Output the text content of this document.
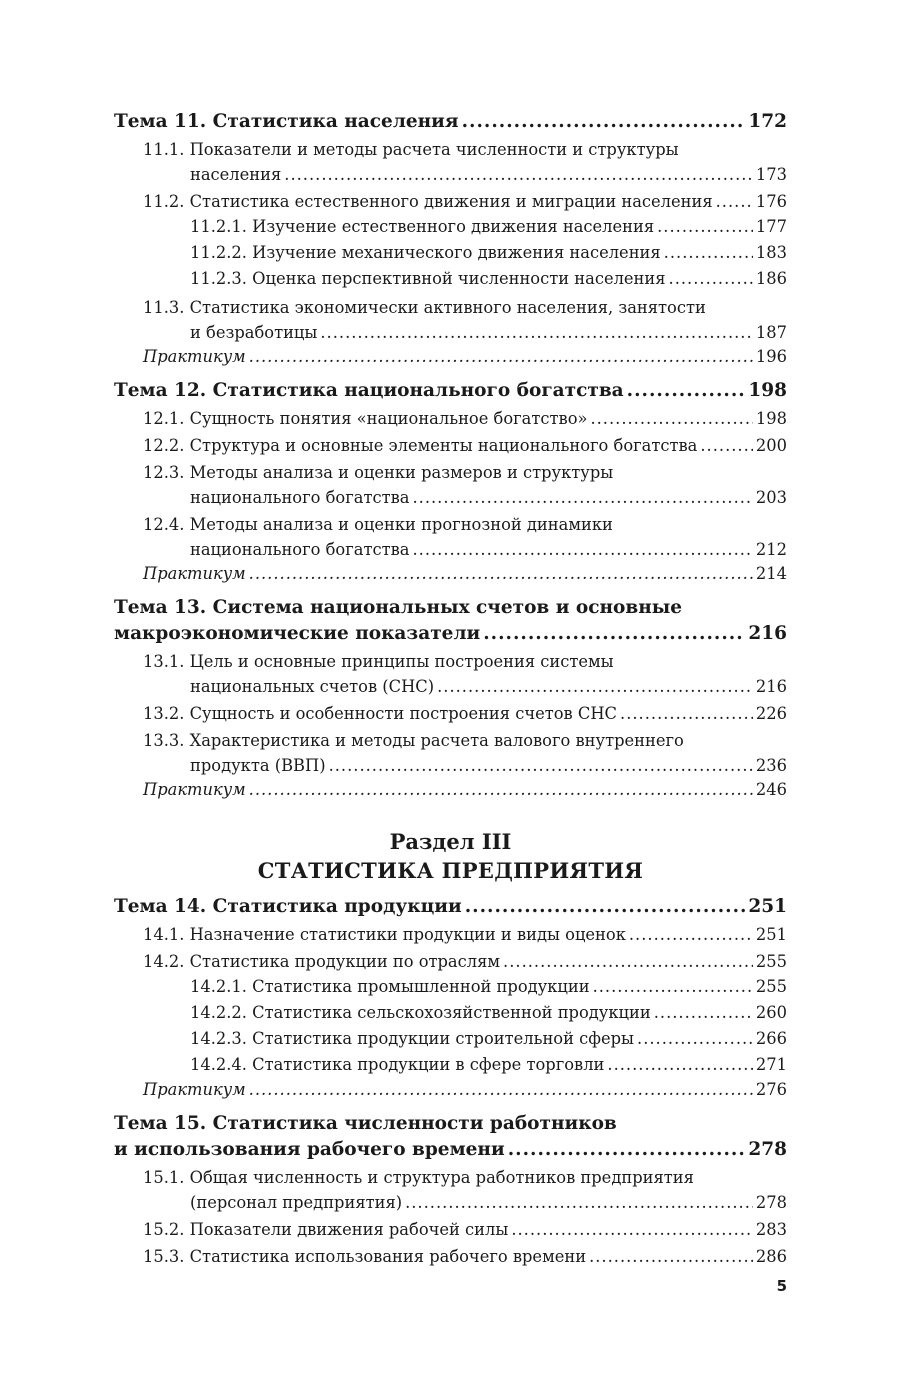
Тема 11. Статистика населения .....	172
11.1. Показатели и методы расчета численности и структуры
населения .....	173
11.2. Статистика естественного движения и миграции населения .....	176
11.2.1. Изучение естественного движения населения .....	177
11.2.2. Изучение механического движения населения .....	183
11.2.3. Оценка перспективной численности населения .....	186
11.3. Статистика экономически активного населения, занятости
и безработицы .....	187
Практикум .....	196
Тема 12. Статистика национального богатства .....	198
12.1. Сущность понятия «национальное богатство» .....	198
12.2. Структура и основные элементы национального богатства .....	200
12.3. Методы анализа и оценки размеров и структуры
национального богатства .....	203
12.4. Методы анализа и оценки прогнозной динамики
национального богатства .....	212
Практикум .....	214
Тема 13. Система национальных счетов и основные
макроэкономические показатели .....	216
13.1. Цель и основные принципы построения системы
национальных счетов (СНС) .....	216
13.2. Сущность и особенности построения счетов СНС .....	226
13.3. Характеристика и методы расчета валового внутреннего
продукта (ВВП) .....	236
Практикум .....	246
Раздел III
СТАТИСТИКА ПРЕДПРИЯТИЯ
Тема 14. Статистика продукции .....	251
14.1. Назначение статистики продукции и виды оценок .....	251
14.2. Статистика продукции по отраслям .....	255
14.2.1. Статистика промышленной продукции .....	255
14.2.2. Статистика сельскохозяйственной продукции .....	260
14.2.3. Статистика продукции строительной сферы .....	266
14.2.4. Статистика продукции в сфере торговли .....	271
Практикум .....	276
Тема 15. Статистика численности работников
и использования рабочего времени .....	278
15.1. Общая численность и структура работников предприятия
(персонал предприятия) .....	278
15.2. Показатели движения рабочей силы .....	283
15.3. Статистика использования рабочего времени .....	286
5
